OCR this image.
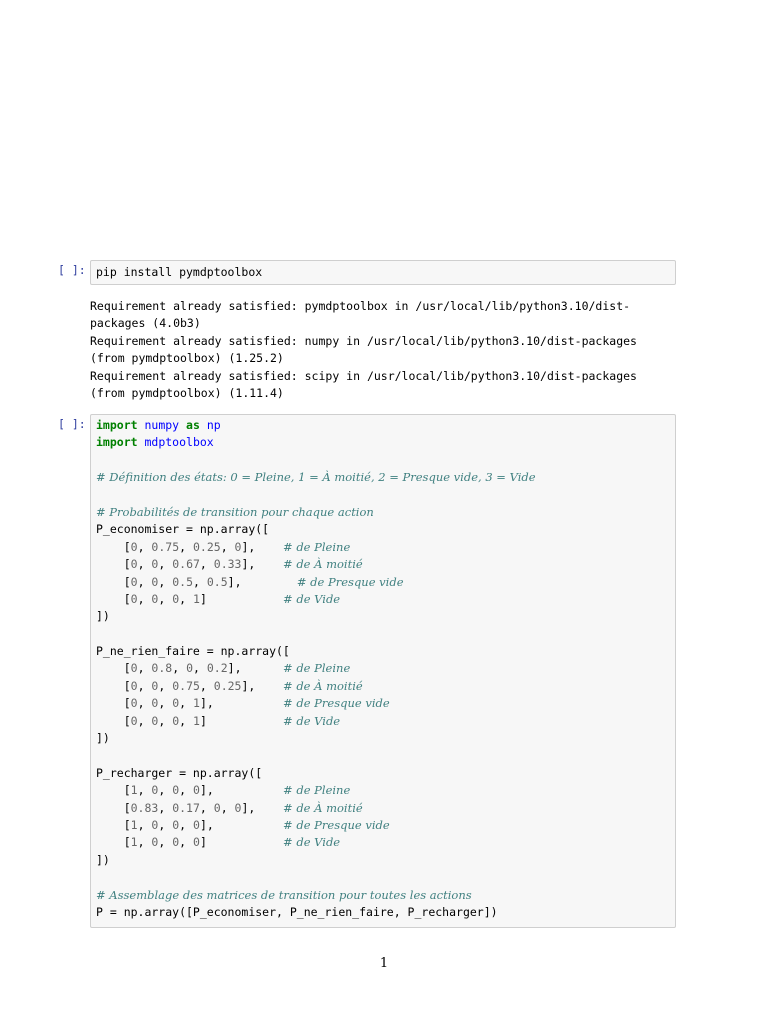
[ ]: pip install pymdptoolbox
Requirement already satisfied: pymdptoolbox in /usr/local/lib/python3.10/dist-
packages (4.0b3)
Requirement already satisfied: numpy in /usr/local/lib/python3.10/dist-packages
(from pymdptoolbox) (1.25.2)
Requirement already satisfied: scipy in /usr/local/lib/python3.10/dist-packages
(from pymdptoolbox) (1.11.4)
[ ]: import numpy as np
import mdptoolbox
# Définition des états: 0 = Pleine, 1 = À moitié, 2 = Presque vide, 3 = Vide
# Probabilités de transition pour chaque action
P_economiser = np.array([
[0, 0.75, 0.25, 0],    # de Pleine
[0, 0, 0.67, 0.33],    # de À moitié
[0, 0, 0.5, 0.5],        # de Presque vide
[0, 0, 0, 1]           # de Vide
])
P_ne_rien_faire = np.array([
[0, 0.8, 0, 0.2],      # de Pleine
[0, 0, 0.75, 0.25],    # de À moitié
[0, 0, 0, 1],          # de Presque vide
[0, 0, 0, 1]           # de Vide
])
P_recharger = np.array([
[1, 0, 0, 0],          # de Pleine
[0.83, 0.17, 0, 0],    # de À moitié
[1, 0, 0, 0],          # de Presque vide
[1, 0, 0, 0]           # de Vide
])
# Assemblage des matrices de transition pour toutes les actions
P = np.array([P_economiser, P_ne_rien_faire, P_recharger])
1
